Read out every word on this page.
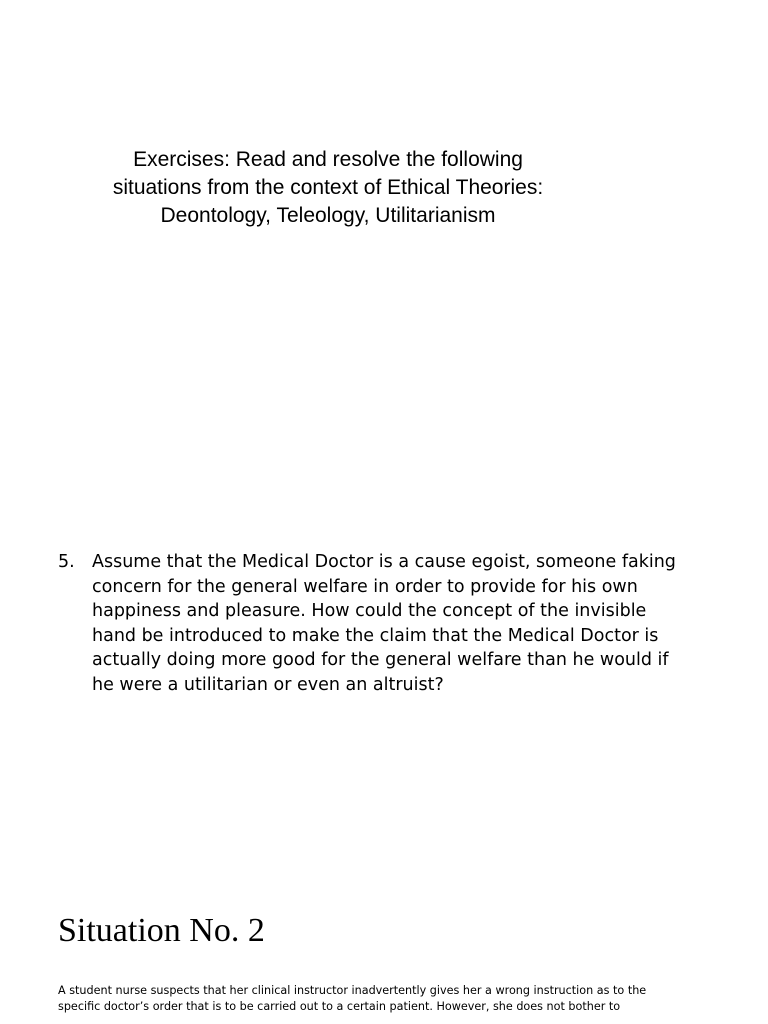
Exercises: Read and resolve the following
situations from the context of Ethical Theories:
Deontology, Teleology, Utilitarianism
5. Assume that the Medical Doctor is a cause egoist, someone faking
concern for the general welfare in order to provide for his own
happiness and pleasure. How could the concept of the invisible
hand be introduced to make the claim that the Medical Doctor is
actually doing more good for the general welfare than he would if
he were a utilitarian or even an altruist?
Situation No. 2
A student nurse suspects that her clinical instructor inadvertently gives her a wrong instruction as to the
specific doctor’s order that is to be carried out to a certain patient. However, she does not bother to
